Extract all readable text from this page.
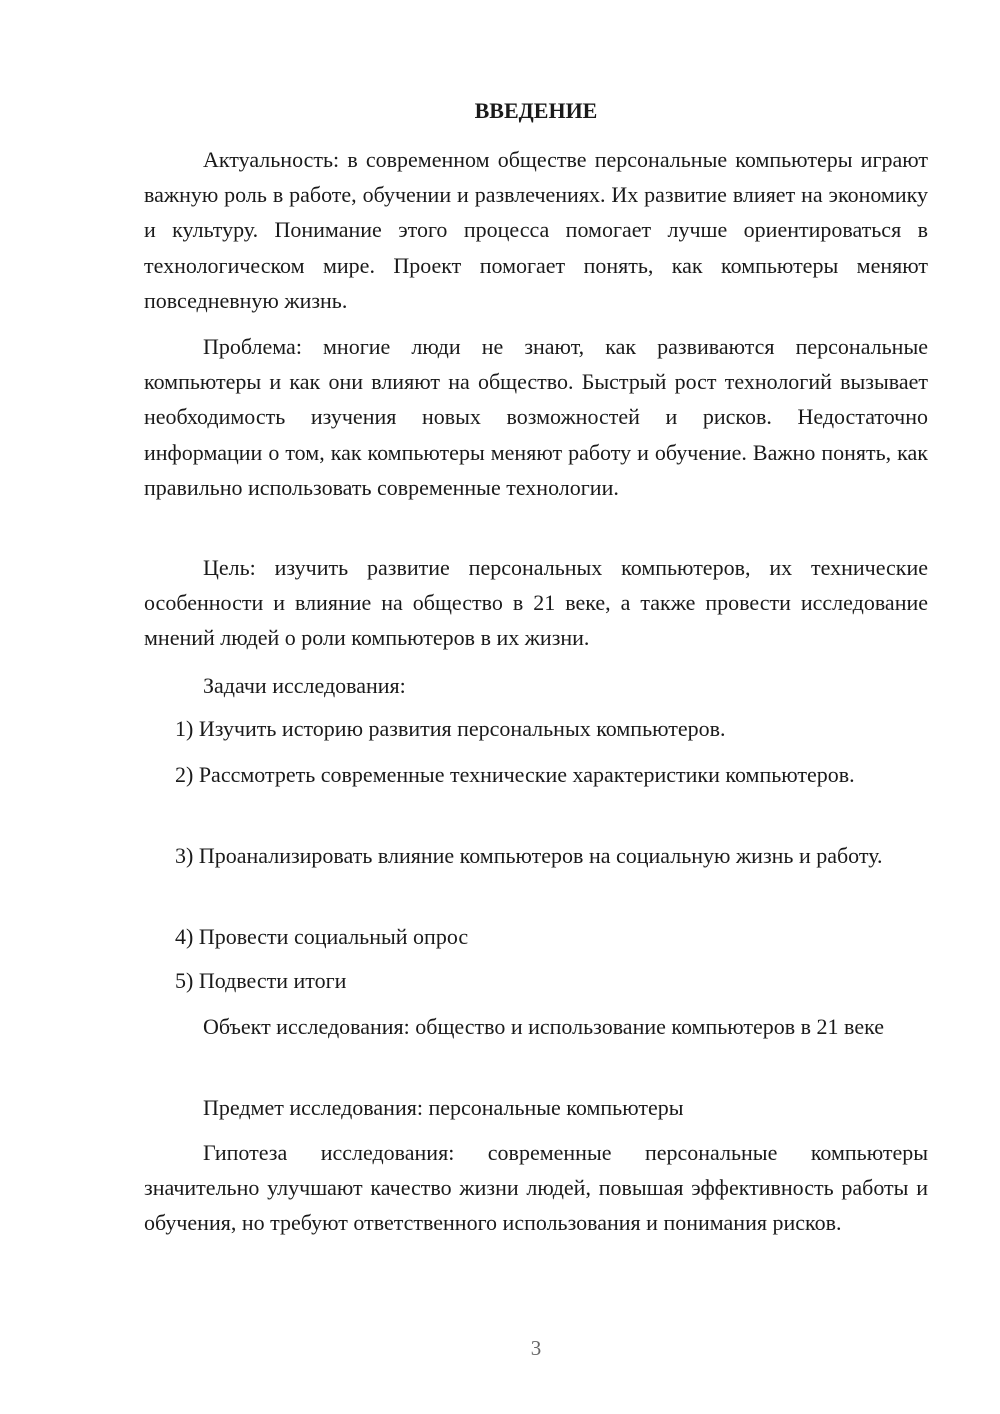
ВВЕДЕНИЕ

Актуальность: в современном обществе персональные компьютеры играют важную роль в работе, обучении и развлечениях. Их развитие влияет на экономику и культуру. Понимание этого процесса помогает лучше ориентироваться в технологическом мире. Проект помогает понять, как компьютеры меняют повседневную жизнь.

Проблема: многие люди не знают, как развиваются персональные компьютеры и как они влияют на общество. Быстрый рост технологий вызывает необходимость изучения новых возможностей и рисков. Недостаточно информации о том, как компьютеры меняют работу и обучение. Важно понять, как правильно использовать современные технологии.

Цель: изучить развитие персональных компьютеров, их технические особенности и влияние на общество в 21 веке, а также провести исследование мнений людей о роли компьютеров в их жизни.

Задачи исследования:

1) Изучить историю развития персональных компьютеров.

2) Рассмотреть современные технические характеристики компьютеров.

3) Проанализировать влияние компьютеров на социальную жизнь и работу.

4) Провести социальный опрос

5) Подвести итоги

Объект исследования: общество и использование компьютеров в 21 веке

Предмет исследования: персональные компьютеры

Гипотеза исследования: современные персональные компьютеры значительно улучшают качество жизни людей, повышая эффективность работы и обучения, но требуют ответственного использования и понимания рисков.

3
